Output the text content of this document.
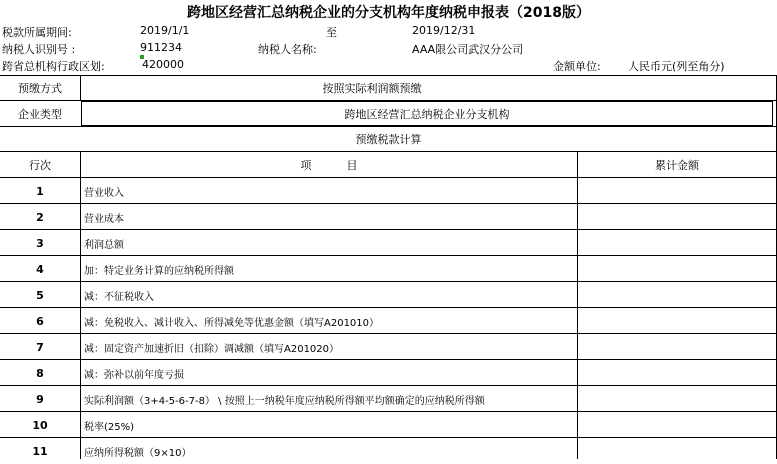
跨地区经营汇总纳税企业的分支机构年度纳税申报表（2018版）
税款所属期间:	2019/1/1	至	2019/12/31
纳税人识别号 :	911234	纳税人名称:	AAA限公司武汉分公司
跨省总机构行政区划:	420000	金额单位: 人民币元(列至角分)
预缴方式	按照实际利润额预缴
企业类型	跨地区经营汇总纳税企业分支机构
预缴税款计算
行次	项          目	累计金额
1	营业收入
2	营业成本
3	利润总额
4	加：特定业务计算的应纳税所得额
5	减：不征税收入
6	减：免税收入、减计收入、所得减免等优惠金额（填写A201010）
7	减：固定资产加速折旧（扣除）调减额（填写A201020）
8	减：弥补以前年度亏损
9	实际利润额（3+4-5-6-7-8） \ 按照上一纳税年度应纳税所得额平均额确定的应纳税所得额
10	税率(25%)
11	应纳所得税额（9×10）
